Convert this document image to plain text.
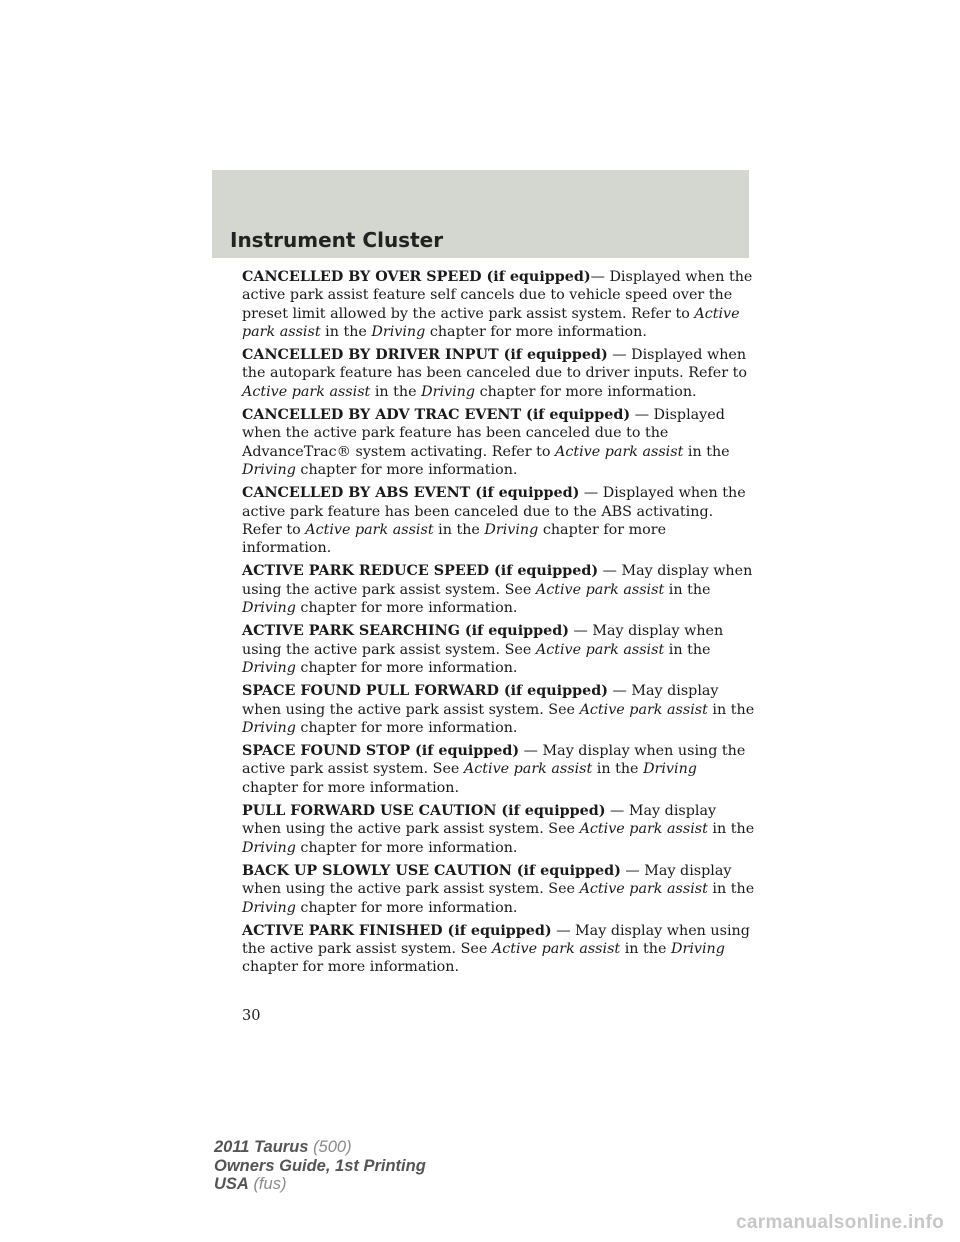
Instrument Cluster

CANCELLED BY OVER SPEED (if equipped)— Displayed when the active park assist feature self cancels due to vehicle speed over the preset limit allowed by the active park assist system. Refer to Active park assist in the Driving chapter for more information.

CANCELLED BY DRIVER INPUT (if equipped) — Displayed when the autopark feature has been canceled due to driver inputs. Refer to Active park assist in the Driving chapter for more information.

CANCELLED BY ADV TRAC EVENT (if equipped) — Displayed when the active park feature has been canceled due to the AdvanceTrac® system activating. Refer to Active park assist in the Driving chapter for more information.

CANCELLED BY ABS EVENT (if equipped) — Displayed when the active park feature has been canceled due to the ABS activating. Refer to Active park assist in the Driving chapter for more information.

ACTIVE PARK REDUCE SPEED (if equipped) — May display when using the active park assist system. See Active park assist in the Driving chapter for more information.

ACTIVE PARK SEARCHING (if equipped) — May display when using the active park assist system. See Active park assist in the Driving chapter for more information.

SPACE FOUND PULL FORWARD (if equipped) — May display when using the active park assist system. See Active park assist in the Driving chapter for more information.

SPACE FOUND STOP (if equipped) — May display when using the active park assist system. See Active park assist in the Driving chapter for more information.

PULL FORWARD USE CAUTION (if equipped) — May display when using the active park assist system. See Active park assist in the Driving chapter for more information.

BACK UP SLOWLY USE CAUTION (if equipped) — May display when using the active park assist system. See Active park assist in the Driving chapter for more information.

ACTIVE PARK FINISHED (if equipped) — May display when using the active park assist system. See Active park assist in the Driving chapter for more information.

30
2011 Taurus (500)
Owners Guide, 1st Printing
USA (fus)
carmanualsonline.info
